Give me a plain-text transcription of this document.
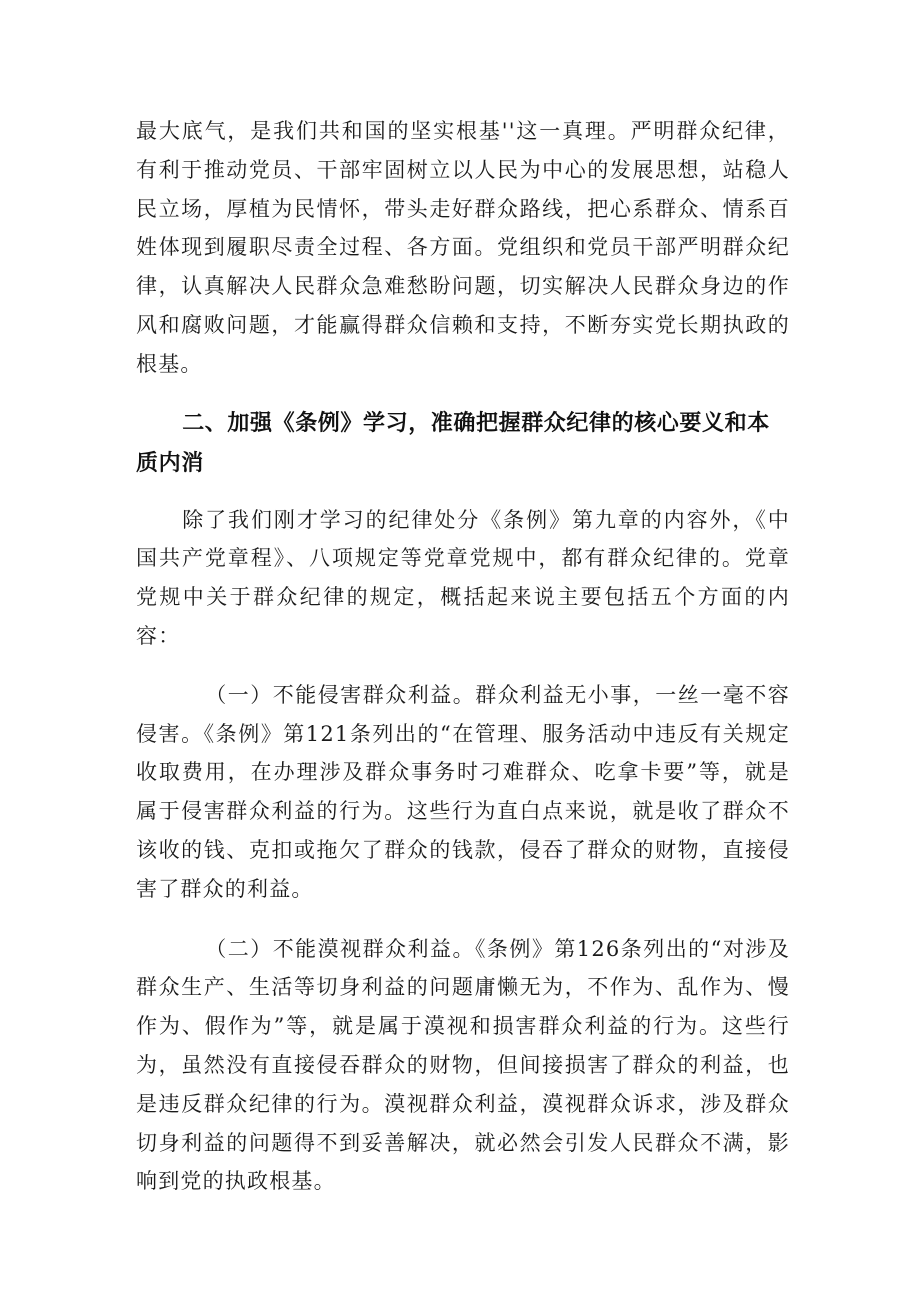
最大底气，是我们共和国的坚实根基''这一真理。严明群众纪律，有利于推动党员、干部牢固树立以人民为中心的发展思想，站稳人民立场，厚植为民情怀，带头走好群众路线，把心系群众、情系百姓体现到履职尽责全过程、各方面。党组织和党员干部严明群众纪律，认真解决人民群众急难愁盼问题，切实解决人民群众身边的作风和腐败问题，才能赢得群众信赖和支持，不断夯实党长期执政的根基。

二、加强《条例》学习，准确把握群众纪律的核心要义和本质内消

除了我们刚才学习的纪律处分《条例》第九章的内容外，《中国共产党章程》、八项规定等党章党规中，都有群众纪律的。党章党规中关于群众纪律的规定，概括起来说主要包括五个方面的内容：

（一）不能侵害群众利益。群众利益无小事，一丝一毫不容侵害。《条例》第121条列出的“在管理、服务活动中违反有关规定收取费用，在办理涉及群众事务时刁难群众、吃拿卡要”等，就是属于侵害群众利益的行为。这些行为直白点来说，就是收了群众不该收的钱、克扣或拖欠了群众的钱款，侵吞了群众的财物，直接侵害了群众的利益。

（二）不能漠视群众利益。《条例》第126条列出的“对涉及群众生产、生活等切身利益的问题庸懒无为，不作为、乱作为、慢作为、假作为”等，就是属于漠视和损害群众利益的行为。这些行为，虽然没有直接侵吞群众的财物，但间接损害了群众的利益，也是违反群众纪律的行为。漠视群众利益，漠视群众诉求，涉及群众切身利益的问题得不到妥善解决，就必然会引发人民群众不满，影响到党的执政根基。
